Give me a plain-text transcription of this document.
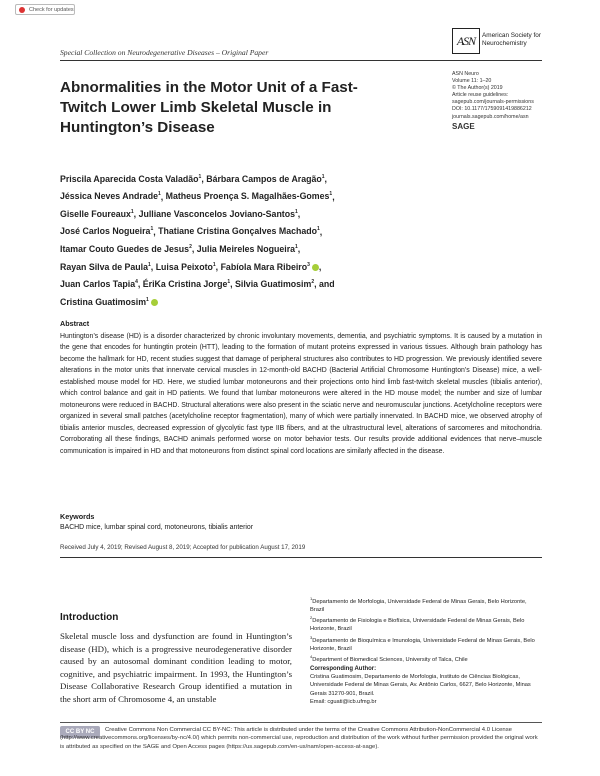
Check for updates
Special Collection on Neurodegenerative Diseases – Original Paper
ASN	American Society for Neurochemistry
Abnormalities in the Motor Unit of a Fast-Twitch Lower Limb Skeletal Muscle in Huntington’s Disease
ASN Neuro
Volume 11: 1–20
© The Author(s) 2019
Article reuse guidelines:
sagepub.com/journals-permissions
DOI: 10.1177/1759091419886212
journals.sagepub.com/home/asn
SAGE
Priscila Aparecida Costa Valadão$^1$, Bárbara Campos de Aragão$^1$,
Jéssica Neves Andrade$^1$, Matheus Proença S. Magalhães-Gomes$^1$,
Giselle Foureaux$^1$, Julliane Vasconcelos Joviano-Santos$^1$,
José Carlos Nogueira$^1$, Thatiane Cristina Gonçalves Machado$^1$,
Itamar Couto Guedes de Jesus$^2$, Julia Meireles Nogueira$^1$,
Rayan Silva de Paula$^1$, Luisa Peixoto$^1$, Fabíola Mara Ribeiro$^3$ ,
Juan Carlos Tapia$^4$, ÉriKa Cristina Jorge$^1$, Silvia Guatimosim$^2$, and
Cristina Guatimosim$^1$
Abstract
Huntington’s disease (HD) is a disorder characterized by chronic involuntary movements, dementia, and psychiatric symptoms. It is caused by a mutation in the gene that encodes for huntingtin protein (HTT), leading to the formation of mutant proteins expressed in various tissues. Although brain pathology has become the hallmark for HD, recent studies suggest that damage of peripheral structures also contributes to HD progression. We previously identified severe alterations in the motor units that innervate cervical muscles in 12-month-old BACHD (Bacterial Artificial Chromosome Huntington’s Disease) mice, a well-established mouse model for HD. Here, we studied lumbar motoneurons and their projections onto hind limb fast-twitch skeletal muscles (tibialis anterior), which control balance and gait in HD patients. We found that lumbar motoneurons were altered in the HD mouse model; the number and size of lumbar motoneurons were reduced in BACHD. Structural alterations were also present in the sciatic nerve and neuromuscular junctions. Acetylcholine receptors were organized in several small patches (acetylcholine receptor fragmentation), many of which were partially innervated. In BACHD mice, we observed atrophy of tibialis anterior muscles, decreased expression of glycolytic fast type IIB fibers, and at the ultrastructural level, alterations of sarcomeres and mitochondria. Corroborating all these findings, BACHD animals performed worse on motor behavior tests. Our results provide additional evidences that nerve–muscle communication is impaired in HD and that motoneurons from distinct spinal cord locations are similarly affected in the disease.
Keywords
BACHD mice, lumbar spinal cord, motoneurons, tibialis anterior
Received July 4, 2019; Revised August 8, 2019; Accepted for publication August 17, 2019
Introduction
Skeletal muscle loss and dysfunction are found in Huntington’s disease (HD), which is a progressive neurodegenerative disorder caused by an autosomal dominant condition leading to motor, cognitive, and psychiatric impairment. In 1993, the Huntington’s Disease Collaborative Research Group identified a mutation in the short arm of Chromosome 4, an unstable
$^1$Departamento de Morfologia, Universidade Federal de Minas Gerais, Belo Horizonte, Brazil
$^2$Departamento de Fisiologia e Biofísica, Universidade Federal de Minas Gerais, Belo Horizonte, Brazil
$^3$Departamento de Bioquímica e Imunologia, Universidade Federal de Minas Gerais, Belo Horizonte, Brazil
$^4$Department of Biomedical Sciences, University of Talca, Chile
Corresponding Author:
Cristina Guatimosim, Departamento de Morfologia, Instituto de Ciências Biológicas, Universidade Federal de Minas Gerais, Av. Antônio Carlos, 6627, Belo Horizonte, Minas Gerais 31270-901, Brazil.
Email: cguati@icb.ufmg.br
CC BY NC	Creative Commons Non Commercial CC BY-NC: This article is distributed under the terms of the Creative Commons Attribution-NonCommercial 4.0 License (http://www.creativecommons.org/licenses/by-nc/4.0/) which permits non-commercial use, reproduction and distribution of the work without further permission provided the original work is attributed as specified on the SAGE and Open Access pages (https://us.sagepub.com/en-us/nam/open-access-at-sage).
